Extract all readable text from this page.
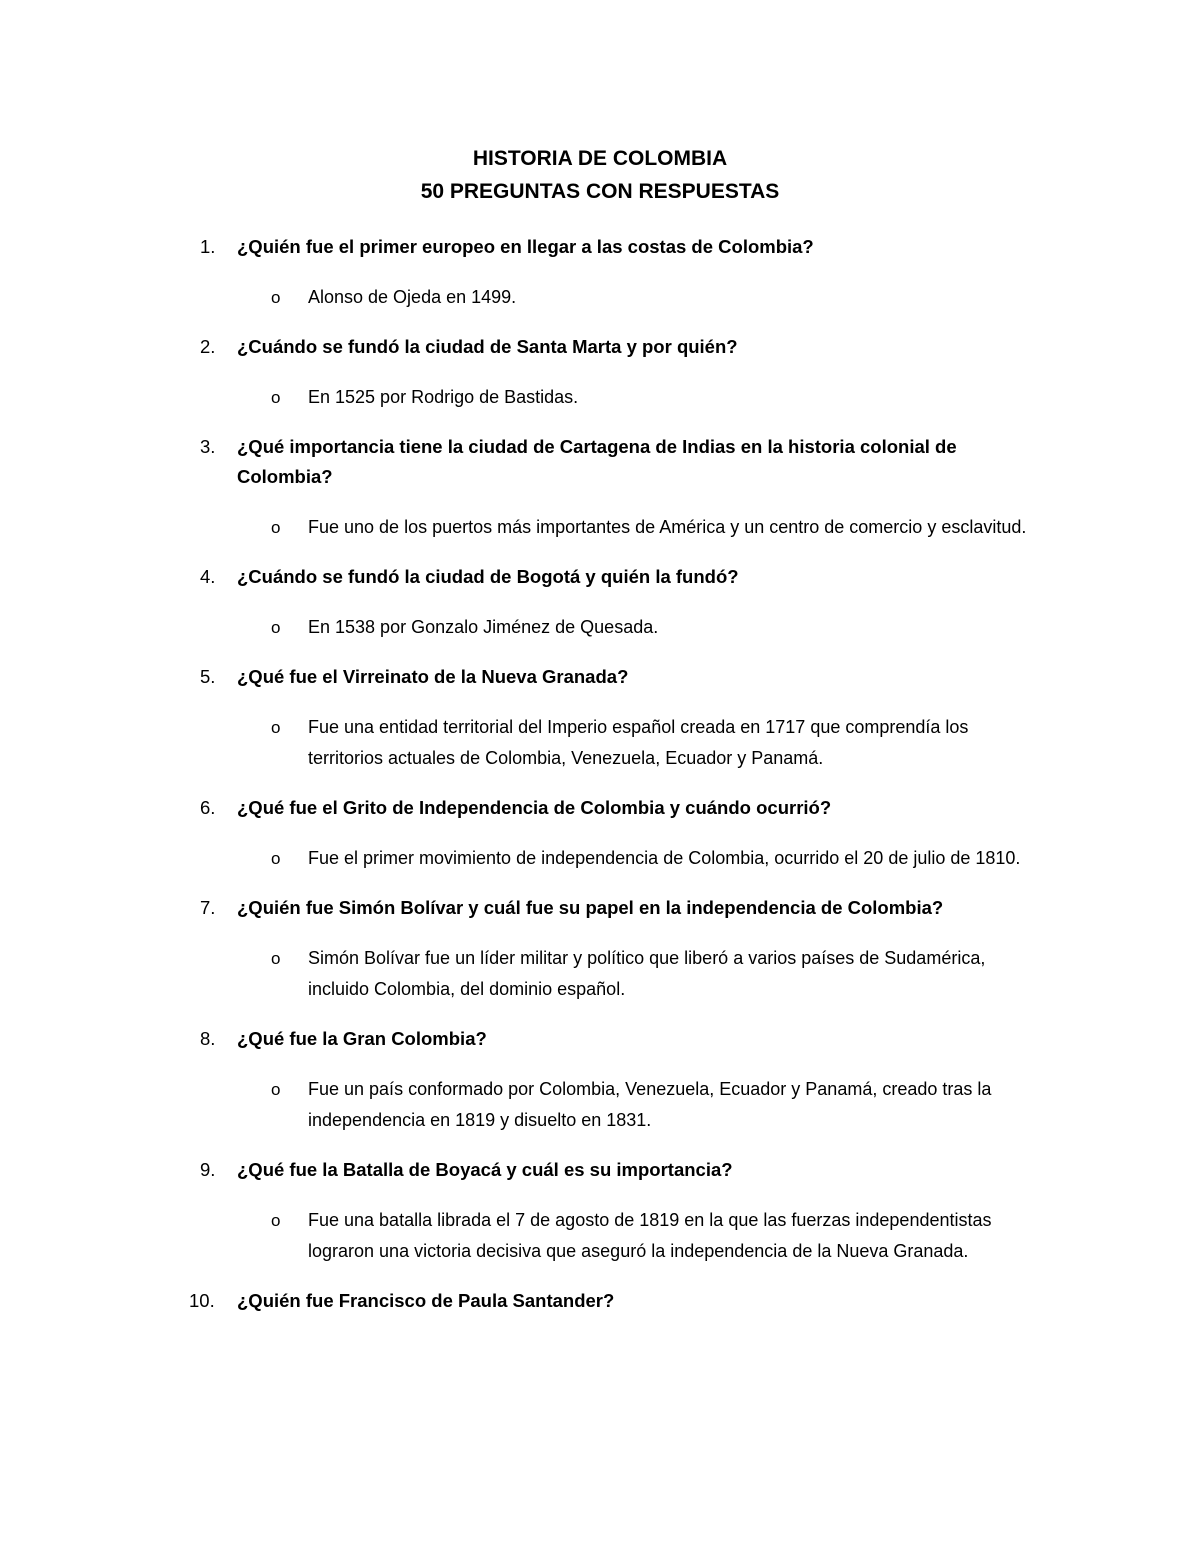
HISTORIA DE COLOMBIA
50 PREGUNTAS CON RESPUESTAS
1. ¿Quién fue el primer europeo en llegar a las costas de Colombia?
o Alonso de Ojeda en 1499.
2. ¿Cuándo se fundó la ciudad de Santa Marta y por quién?
o En 1525 por Rodrigo de Bastidas.
3. ¿Qué importancia tiene la ciudad de Cartagena de Indias en la historia colonial de Colombia?
o Fue uno de los puertos más importantes de América y un centro de comercio y esclavitud.
4. ¿Cuándo se fundó la ciudad de Bogotá y quién la fundó?
o En 1538 por Gonzalo Jiménez de Quesada.
5. ¿Qué fue el Virreinato de la Nueva Granada?
o Fue una entidad territorial del Imperio español creada en 1717 que comprendía los territorios actuales de Colombia, Venezuela, Ecuador y Panamá.
6. ¿Qué fue el Grito de Independencia de Colombia y cuándo ocurrió?
o Fue el primer movimiento de independencia de Colombia, ocurrido el 20 de julio de 1810.
7. ¿Quién fue Simón Bolívar y cuál fue su papel en la independencia de Colombia?
o Simón Bolívar fue un líder militar y político que liberó a varios países de Sudamérica, incluido Colombia, del dominio español.
8. ¿Qué fue la Gran Colombia?
o Fue un país conformado por Colombia, Venezuela, Ecuador y Panamá, creado tras la independencia en 1819 y disuelto en 1831.
9. ¿Qué fue la Batalla de Boyacá y cuál es su importancia?
o Fue una batalla librada el 7 de agosto de 1819 en la que las fuerzas independentistas lograron una victoria decisiva que aseguró la independencia de la Nueva Granada.
10. ¿Quién fue Francisco de Paula Santander?
